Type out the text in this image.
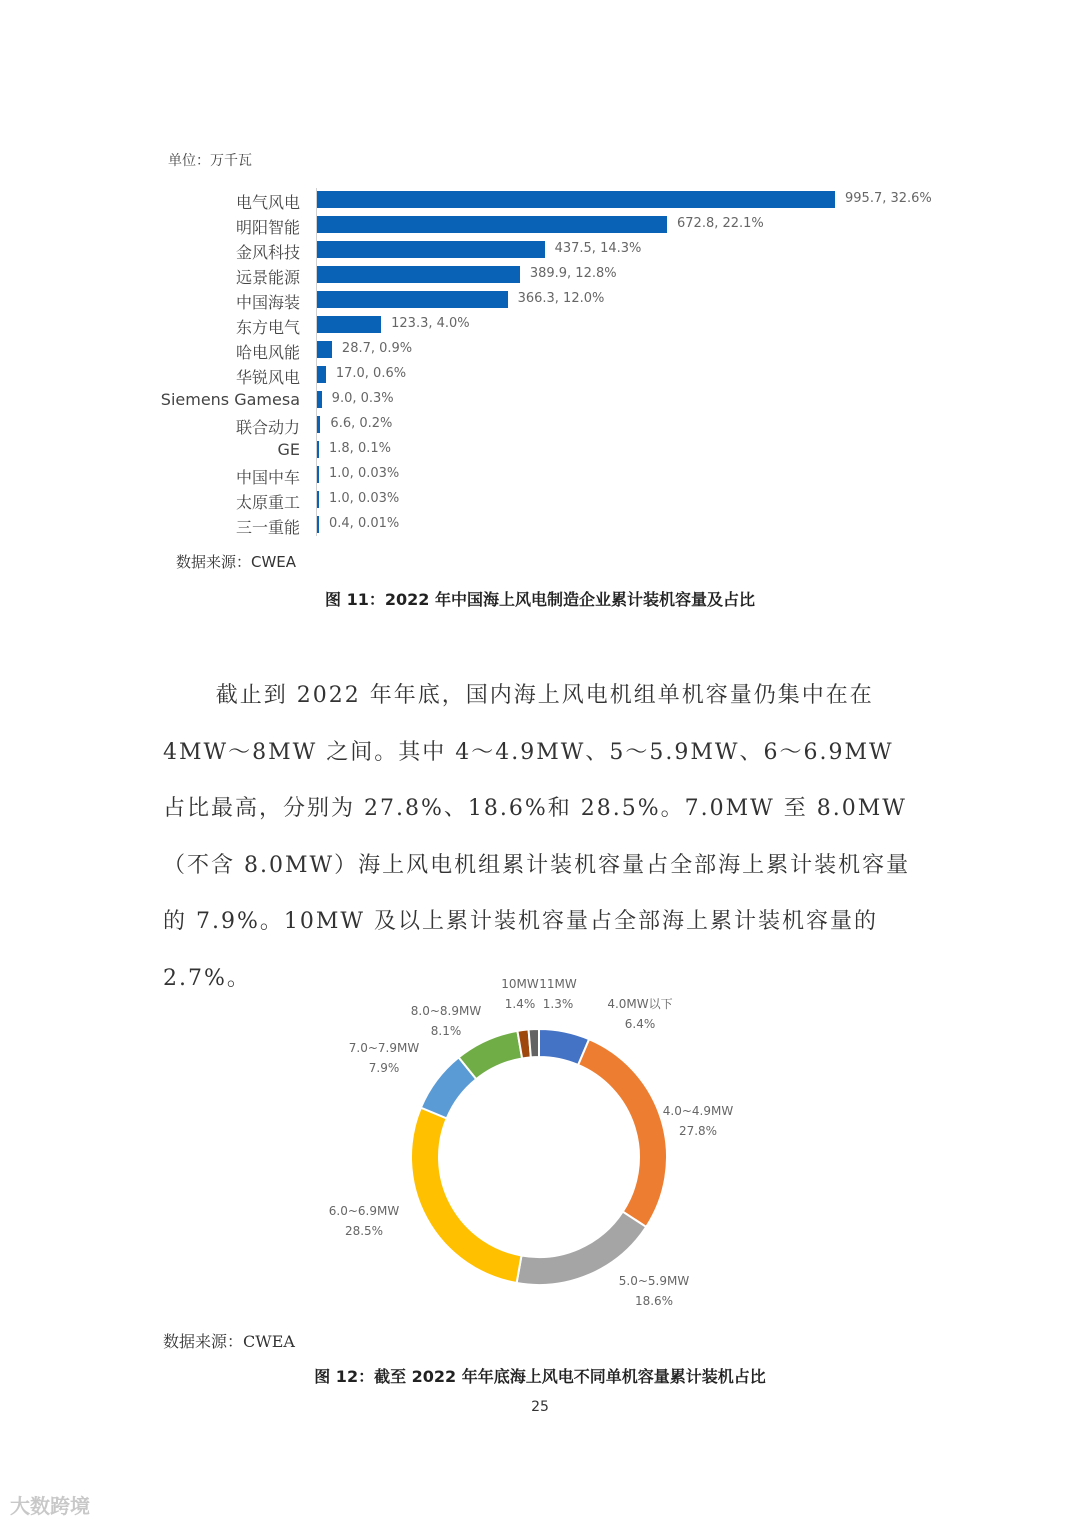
单位：万千瓦
电气风电	995.7, 32.6%
明阳智能	672.8, 22.1%
金风科技	437.5, 14.3%
远景能源	389.9, 12.8%
中国海装	366.3, 12.0%
东方电气	123.3, 4.0%
哈电风能	28.7, 0.9%
华锐风电	17.0, 0.6%
Siemens Gamesa 9.0, 0.3%
联合动力 6.6, 0.2%
GE 1.8, 0.1%
中国中车 1.0, 0.03%
太原重工 1.0, 0.03%
三一重能 0.4, 0.01%
数据来源：CWEA
图 11：2022 年中国海上风电制造企业累计装机容量及占比

截止到 2022 年年底，国内海上风电机组单机容量仍集中在在4MW～8MW 之间。其中 4～4.9MW、5～5.9MW、6～6.9MW 占比最高，分别为 27.8%、18.6%和 28.5%。7.0MW 至 8.0MW（不含 8.0MW）海上风电机组累计装机容量占全部海上累计装机容量的 7.9%。10MW 及以上累计装机容量占全部海上累计装机容量的 2.7%。

4.0MW以下
6.4%
4.0~4.9MW
27.8%
5.0~5.9MW
18.6%
6.0~6.9MW
28.5%
7.0~7.9MW
7.9%
8.0~8.9MW
8.1%
10MW
1.4%
11MW
1.3%
数据来源：CWEA
图 12：截至 2022 年年底海上风电不同单机容量累计装机占比
25
大数跨境
